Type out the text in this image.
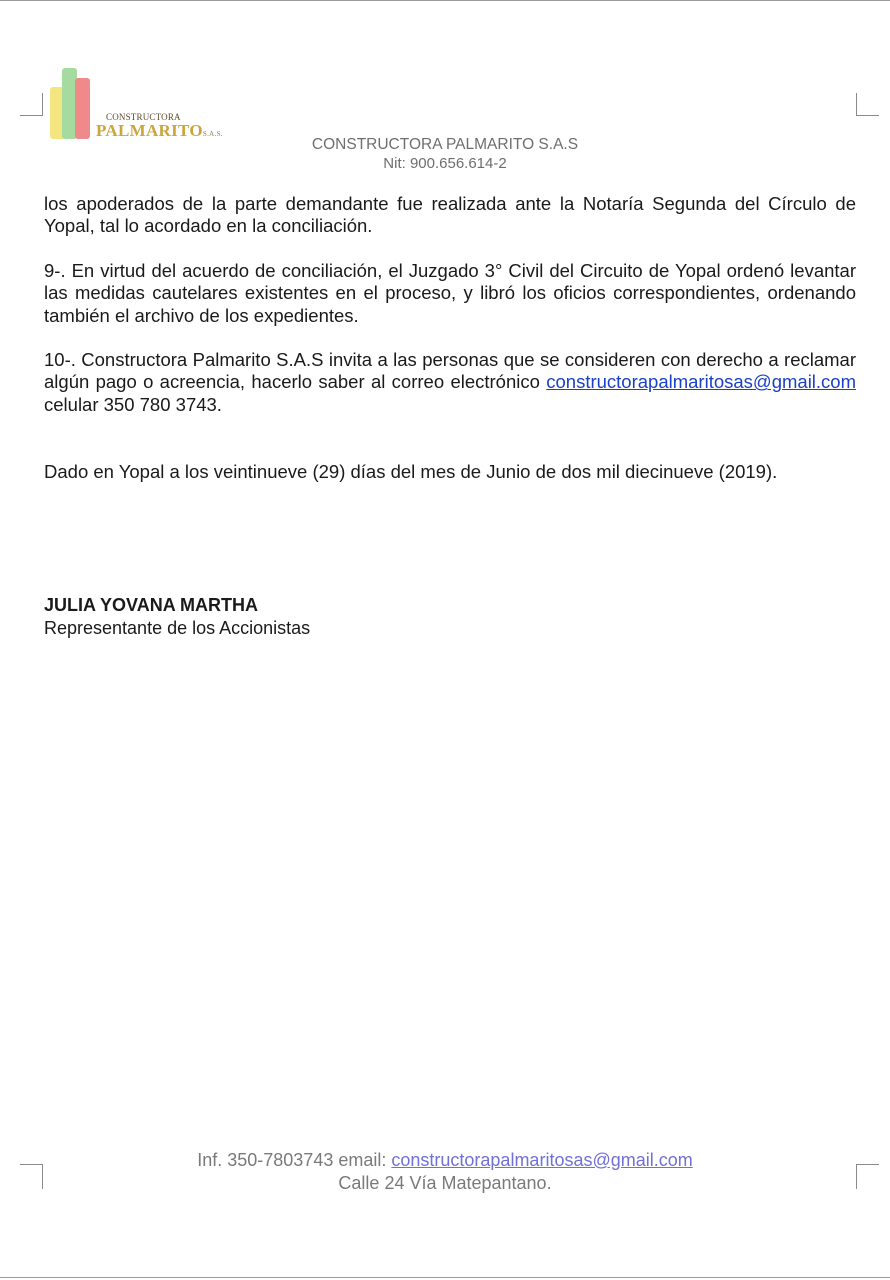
CONSTRUCTORA
PALMARITOS.A.S.
CONSTRUCTORA PALMARITO S.A.S
Nit: 900.656.614-2
los apoderados de la parte demandante fue realizada ante la Notaría Segunda del Círculo de Yopal, tal lo acordado en la conciliación.
9-. En virtud del acuerdo de conciliación, el Juzgado 3° Civil del Circuito de Yopal ordenó levantar las medidas cautelares existentes en el proceso, y libró los oficios correspondientes, ordenando también el archivo de los expedientes.
10-. Constructora Palmarito S.A.S invita a las personas que se consideren con derecho a reclamar algún pago o acreencia, hacerlo saber al correo electrónico constructorapalmaritosas@gmail.com celular 350 780 3743.
Dado en Yopal a los veintinueve (29) días del mes de Junio de dos mil diecinueve (2019).
JULIA YOVANA MARTHA
Representante de los Accionistas
Inf. 350-7803743 email: constructorapalmaritosas@gmail.com
Calle 24 Vía Matepantano.
